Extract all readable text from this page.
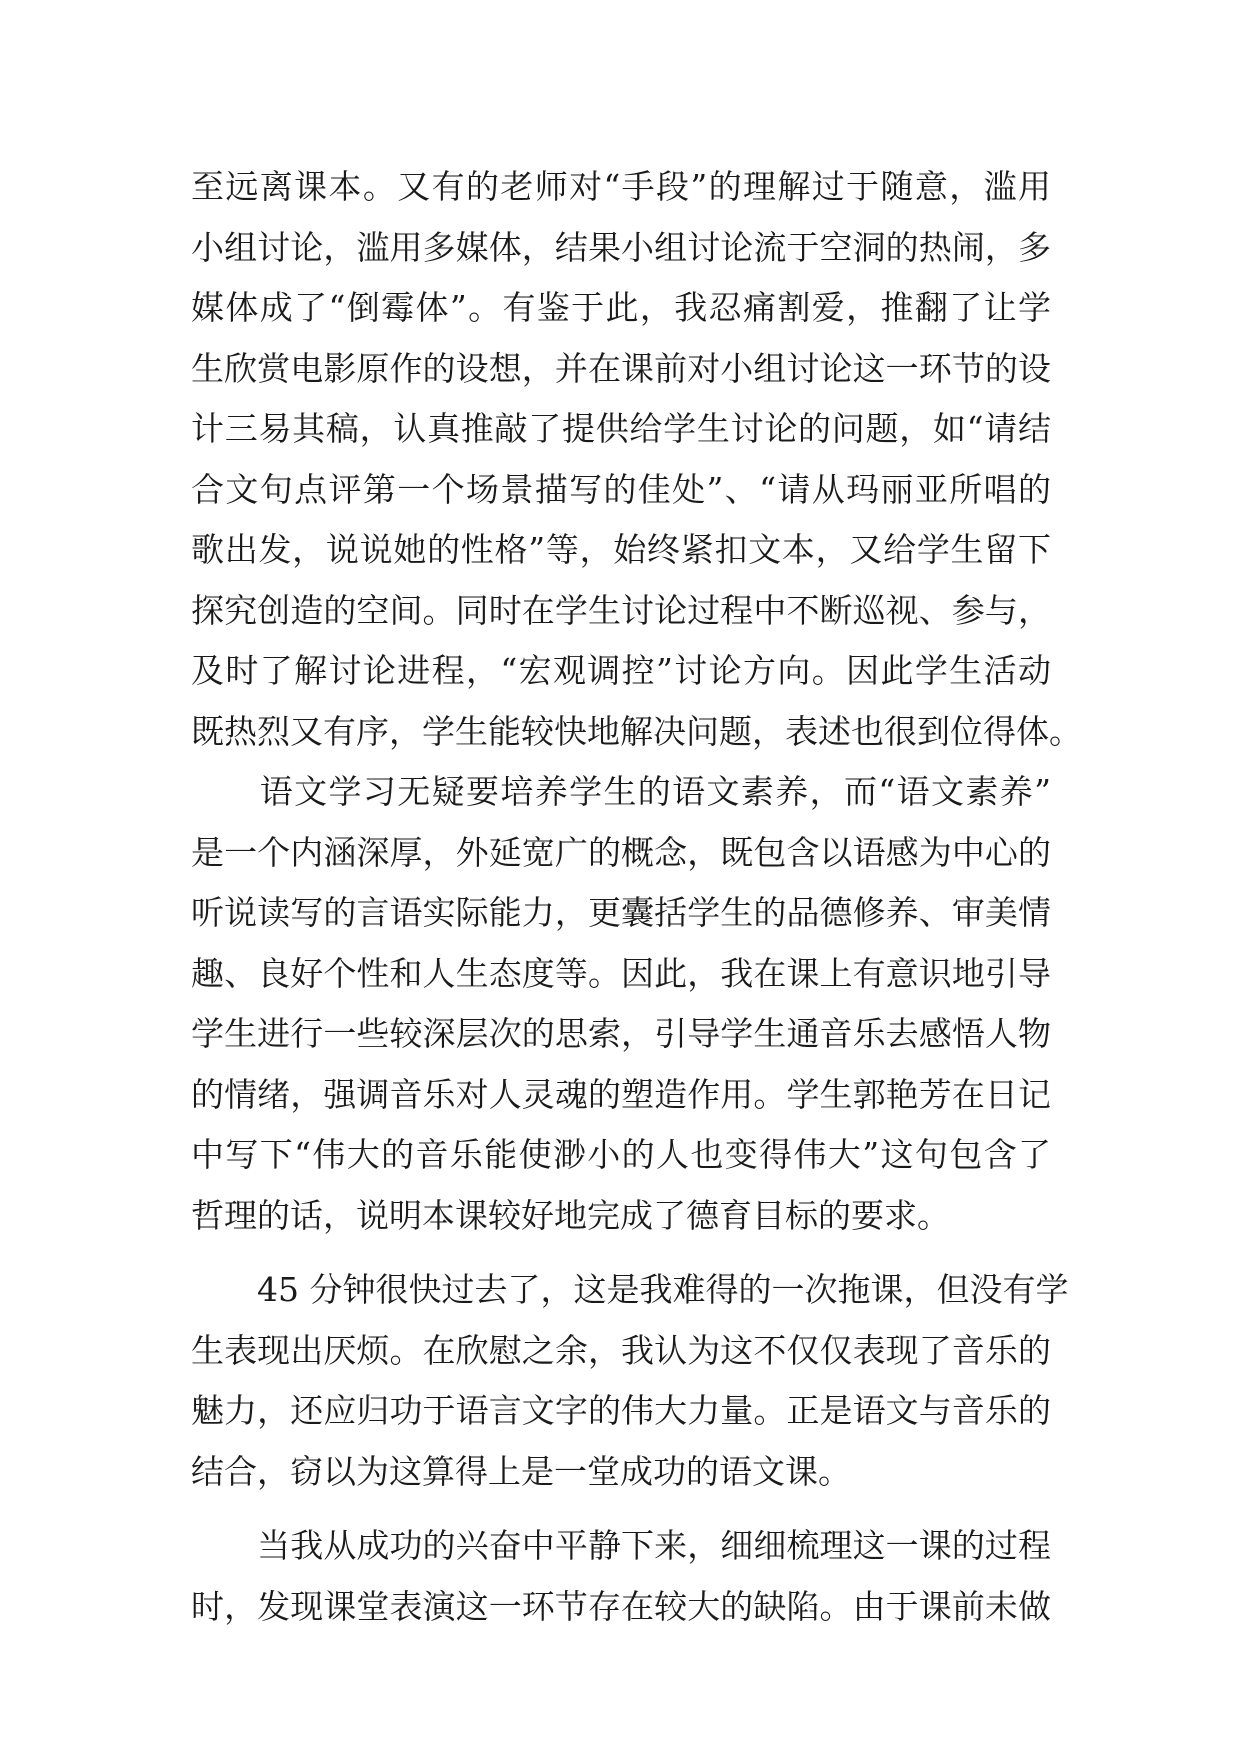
至远离课本。又有的老师对“手段”的理解过于随意，滥用
小组讨论，滥用多媒体，结果小组讨论流于空洞的热闹，多
媒体成了“倒霉体”。有鉴于此，我忍痛割爱，推翻了让学
生欣赏电影原作的设想，并在课前对小组讨论这一环节的设
计三易其稿，认真推敲了提供给学生讨论的问题，如“请结
合文句点评第一个场景描写的佳处”、“请从玛丽亚所唱的
歌出发，说说她的性格”等，始终紧扣文本，又给学生留下
探究创造的空间。同时在学生讨论过程中不断巡视、参与，
及时了解讨论进程，“宏观调控”讨论方向。因此学生活动
既热烈又有序，学生能较快地解决问题，表述也很到位得体。
　　语文学习无疑要培养学生的语文素养，而“语文素养”
是一个内涵深厚，外延宽广的概念，既包含以语感为中心的
听说读写的言语实际能力，更囊括学生的品德修养、审美情
趣、良好个性和人生态度等。因此，我在课上有意识地引导
学生进行一些较深层次的思索，引导学生通音乐去感悟人物
的情绪，强调音乐对人灵魂的塑造作用。学生郭艳芳在日记
中写下“伟大的音乐能使渺小的人也变得伟大”这句包含了
哲理的话，说明本课较好地完成了德育目标的要求。
　　45 分钟很快过去了，这是我难得的一次拖课，但没有学
生表现出厌烦。在欣慰之余，我认为这不仅仅表现了音乐的
魅力，还应归功于语言文字的伟大力量。正是语文与音乐的
结合，窃以为这算得上是一堂成功的语文课。
　　当我从成功的兴奋中平静下来，细细梳理这一课的过程
时，发现课堂表演这一环节存在较大的缺陷。由于课前未做
